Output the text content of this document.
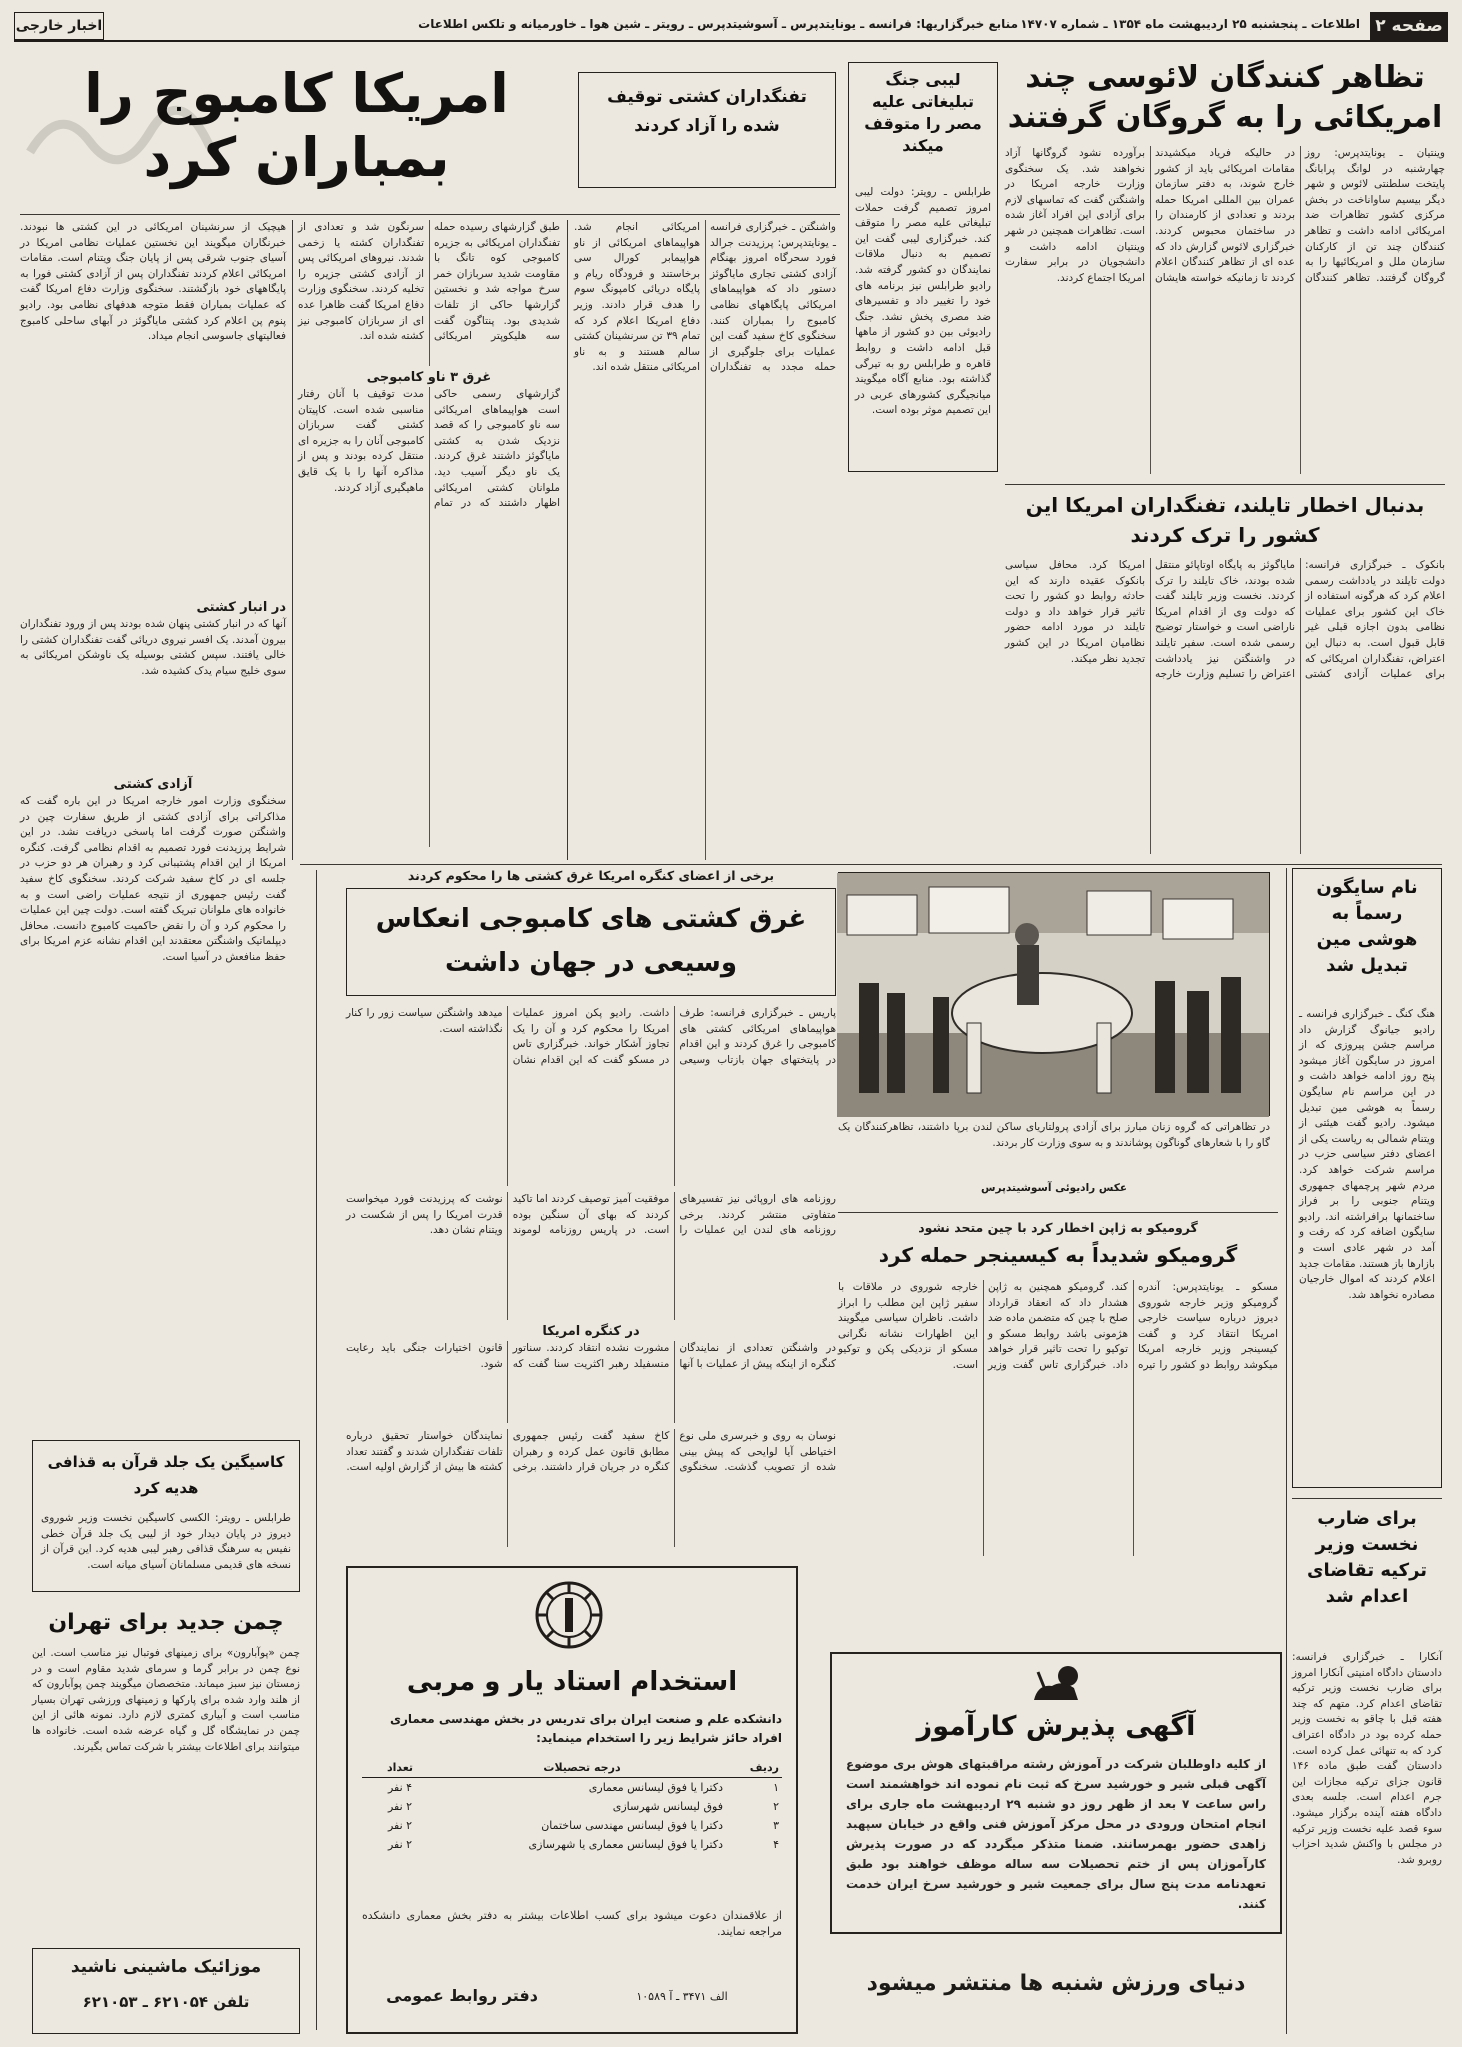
صفحه ۲
اطلاعات ـ پنجشنبه ۲۵ اردیبهشت ماه ۱۳۵۴ ـ شماره ۱۴۷۰۷
منابع خبرگزاریها: فرانسه ـ یونایتدپرس ـ آسوشیتدپرس ـ رویتر ـ شین هوا ـ خاورمیانه و تلکس اطلاعات
اخبار خارجی
تظاهر کنندگان لائوسی چند امریکائی را به گروگان گرفتند
وینتیان ـ یونایتدپرس: روز چهارشنبه در لوانگ پرابانگ پایتخت سلطنتی لائوس و شهر دیگر بیسیم ساواناخت در بخش مرکزی کشور تظاهرات ضد امریکائی ادامه داشت و تظاهر کنندگان چند تن از کارکنان سازمان ملل و امریکائیها را به گروگان گرفتند. تظاهر کنندگان در حالیکه فریاد میکشیدند مقامات امریکائی باید از کشور خارج شوند، به دفتر سازمان عمران بین المللی امریکا حمله بردند و تعدادی از کارمندان را در ساختمان محبوس کردند. خبرگزاری لائوس گزارش داد که عده ای از تظاهر کنندگان اعلام کردند تا زمانیکه خواسته هایشان برآورده نشود گروگانها آزاد نخواهند شد. یک سخنگوی وزارت خارجه امریکا در واشنگتن گفت که تماسهای لازم برای آزادی این افراد آغاز شده است. تظاهرات همچنین در شهر وینتیان ادامه داشت و دانشجویان در برابر سفارت امریکا اجتماع کردند.
بدنبال اخطار تایلند، تفنگداران امریکا این کشور را ترک کردند
بانکوک ـ خبرگزاری فرانسه: دولت تایلند در یادداشت رسمی اعلام کرد که هرگونه استفاده از خاک این کشور برای عملیات نظامی بدون اجازه قبلی غیر قابل قبول است. به دنبال این اعتراض، تفنگداران امریکائی که برای عملیات آزادی کشتی ماياگوئز به پایگاه اوتاپائو منتقل شده بودند، خاک تایلند را ترک کردند. نخست وزیر تایلند گفت که دولت وی از اقدام امریکا ناراضی است و خواستار توضیح رسمی شده است. سفیر تایلند در واشنگتن نیز یادداشت اعتراض را تسلیم وزارت خارجه امریکا کرد. محافل سیاسی بانکوک عقیده دارند که این حادثه روابط دو کشور را تحت تاثیر قرار خواهد داد و دولت تایلند در مورد ادامه حضور نظامیان امریکا در این کشور تجدید نظر میکند.
لیبی جنگ تبلیغاتی علیه مصر را متوقف میکند
طرابلس ـ رویتر: دولت لیبی امروز تصمیم گرفت حملات تبلیغاتی علیه مصر را متوقف کند. خبرگزاری لیبی گفت این تصمیم به دنبال ملاقات نمایندگان دو کشور گرفته شد. رادیو طرابلس نیز برنامه های خود را تغییر داد و تفسیرهای ضد مصری پخش نشد. جنگ رادیوئی بین دو کشور از ماهها قبل ادامه داشت و روابط قاهره و طرابلس رو به تیرگی گذاشته بود. منابع آگاه میگویند میانجیگری کشورهای عربی در این تصمیم موثر بوده است.
تفنگداران کشتی توقیف شده را آزاد کردند
امریکا کامبوج را بمباران کرد
واشنگتن ـ خبرگزاری فرانسه ـ یونایتدپرس: پرزیدنت جرالد فورد سحرگاه امروز بهنگام آزادی کشتی تجاری ماياگوئز دستور داد که هواپیماهای امریکائی پایگاههای نظامی کامبوج را بمباران کنند. سخنگوی کاخ سفید گفت این عملیات برای جلوگیری از حمله مجدد به تفنگداران امریکائی انجام شد. هواپیماهای امریکائی از ناو هواپیمابر کورال سی برخاستند و فرودگاه ریام و پایگاه دریائی کامپونگ سوم را هدف قرار دادند. وزیر دفاع امریکا اعلام کرد که تمام ۳۹ تن سرنشینان کشتی سالم هستند و به ناو امریکائی منتقل شده اند.
طبق گزارشهای رسیده حمله تفنگداران امریکائی به جزیره کامبوجی کوه تانگ با مقاومت شدید سربازان خمر سرخ مواجه شد و نخستین گزارشها حاکی از تلفات شدیدی بود. پنتاگون گفت سه هلیکوپتر امریکائی سرنگون شد و تعدادی از تفنگداران کشته یا زخمی شدند. نیروهای امریکائی پس از آزادی کشتی جزیره را تخلیه کردند. سخنگوی وزارت دفاع امریکا گفت ظاهرا عده ای از سربازان کامبوجی نیز کشته شده اند.
غرق ۳ ناو کامبوجی
گزارشهای رسمی حاکی است هواپیماهای امریکائی سه ناو کامبوجی را که قصد نزدیک شدن به کشتی ماياگوئز داشتند غرق کردند. یک ناو دیگر آسیب دید. ملوانان کشتی امریکائی اظهار داشتند که در تمام مدت توقیف با آنان رفتار مناسبی شده است. کاپیتان کشتی گفت سربازان کامبوجی آنان را به جزیره ای منتقل کرده بودند و پس از مذاکره آنها را با یک قایق ماهیگیری آزاد کردند.
هیچیک از سرنشینان امریکائی در این کشتی ها نبودند. خبرنگاران میگویند این نخستین عملیات نظامی امریکا در آسیای جنوب شرقی پس از پایان جنگ ویتنام است. مقامات امریکائی اعلام کردند تفنگداران پس از آزادی کشتی فورا به پایگاههای خود بازگشتند. سخنگوی وزارت دفاع امریکا گفت که عملیات بمباران فقط متوجه هدفهای نظامی بود. رادیو پنوم پن اعلام کرد کشتی ماياگوئز در آبهای ساحلی کامبوج فعالیتهای جاسوسی انجام میداد.
در انبار کشتی
آنها که در انبار کشتی پنهان شده بودند پس از ورود تفنگداران بیرون آمدند. یک افسر نیروی دریائی گفت تفنگداران کشتی را خالی یافتند. سپس کشتی بوسیله یک ناوشکن امریکائی به سوی خلیج سیام یدک کشیده شد.
آزادی کشتی
سخنگوی وزارت امور خارجه امریکا در این باره گفت که مذاکراتی برای آزادی کشتی از طریق سفارت چین در واشنگتن صورت گرفت اما پاسخی دریافت نشد. در این شرایط پرزیدنت فورد تصمیم به اقدام نظامی گرفت. کنگره امریکا از این اقدام پشتیبانی کرد و رهبران هر دو حزب در جلسه ای در کاخ سفید شرکت کردند. سخنگوی کاخ سفید گفت رئیس جمهوری از نتیجه عملیات راضی است و به خانواده های ملوانان تبریک گفته است. دولت چین این عملیات را محکوم کرد و آن را نقض حاکمیت کامبوج دانست. محافل دیپلماتیک واشنگتن معتقدند این اقدام نشانه عزم امریکا برای حفظ منافعش در آسیا است.
برخی از اعضای کنگره امریکا غرق کشتی ها را محکوم کردند
غرق کشتی های کامبوجی انعکاس وسیعی در جهان داشت
پاریس ـ خبرگزاری فرانسه: طرف هواپیماهای امریکائی کشتی های کامبوجی را غرق کردند و این اقدام در پایتختهای جهان بازتاب وسیعی داشت. رادیو پکن امروز عملیات امریکا را محکوم کرد و آن را یک تجاوز آشکار خواند. خبرگزاری تاس در مسکو گفت که این اقدام نشان میدهد واشنگتن سیاست زور را کنار نگذاشته است.
روزنامه های اروپائی نیز تفسیرهای متفاوتی منتشر کردند. برخی روزنامه های لندن این عملیات را موفقیت آمیز توصیف کردند اما تاکید کردند که بهای آن سنگین بوده است. در پاریس روزنامه لوموند نوشت که پرزیدنت فورد میخواست قدرت امریکا را پس از شکست در ویتنام نشان دهد.
در کنگره امریکا
در واشنگتن تعدادی از نمایندگان کنگره از اینکه پیش از عملیات با آنها مشورت نشده انتقاد کردند. سناتور منسفیلد رهبر اکثریت سنا گفت که قانون اختیارات جنگی باید رعایت شود.
نوسان به روی و خبرسری ملی نوع اختیاطی آیا لوایحی که پیش بینی شده از تصویب گذشت. سخنگوی کاخ سفید گفت رئیس جمهوری مطابق قانون عمل کرده و رهبران کنگره در جریان قرار داشتند. برخی نمایندگان خواستار تحقیق درباره تلفات تفنگداران شدند و گفتند تعداد کشته ها بیش از گزارش اولیه است.
در تظاهراتی که گروه زنان مبارز برای آزادی پرولتاریای ساکن لندن برپا داشتند، تظاهرکنندگان یک گاو را با شعارهای گوناگون پوشاندند و به سوی وزارت کار بردند.
عکس رادیوئی آسوشیتدپرس
نام سایگون رسماً به هوشی مین تبدیل شد
هنگ کنگ ـ خبرگزاری فرانسه ـ رادیو جیانوگ گزارش داد مراسم جشن پیروزی که از امروز در سایگون آغاز میشود پنج روز ادامه خواهد داشت و در این مراسم نام سایگون رسماً به هوشی مین تبدیل میشود. رادیو گفت هیئتی از ویتنام شمالی به ریاست یکی از اعضای دفتر سیاسی حزب در مراسم شرکت خواهد کرد. مردم شهر پرچمهای جمهوری ویتنام جنوبی را بر فراز ساختمانها برافراشته اند. رادیو سایگون اضافه کرد که رفت و آمد در شهر عادی است و بازارها باز هستند. مقامات جدید اعلام کردند که اموال خارجیان مصادره نخواهد شد.
گرومیکو به ژاپن اخطار کرد با چین متحد نشود
گرومیکو شدیداً به کیسینجر حمله کرد
مسکو ـ یونایتدپرس: آندره گرومیکو وزیر خارجه شوروی دیروز درباره سیاست خارجی امریکا انتقاد کرد و گفت کیسینجر وزیر خارجه امریکا میکوشد روابط دو کشور را تیره کند. گرومیکو همچنین به ژاپن هشدار داد که انعقاد قرارداد صلح با چین که متضمن ماده ضد هژمونی باشد روابط مسکو و توکیو را تحت تاثیر قرار خواهد داد. خبرگزاری تاس گفت وزیر خارجه شوروی در ملاقات با سفیر ژاپن این مطلب را ابراز داشت. ناظران سیاسی میگویند این اظهارات نشانه نگرانی مسکو از نزدیکی پکن و توکیو است.
برای ضارب نخست وزیر ترکیه تقاضای اعدام شد
آنکارا ـ خبرگزاری فرانسه: دادستان دادگاه امنیتی آنکارا امروز برای ضارب نخست وزیر ترکیه تقاضای اعدام کرد. متهم که چند هفته قبل با چاقو به نخست وزیر حمله کرده بود در دادگاه اعتراف کرد که به تنهائی عمل کرده است. دادستان گفت طبق ماده ۱۴۶ قانون جزای ترکیه مجازات این جرم اعدام است. جلسه بعدی دادگاه هفته آینده برگزار میشود. سوء قصد علیه نخست وزیر ترکیه در مجلس با واکنش شدید احزاب روبرو شد.
کاسیگین یک جلد قرآن به قذافی هدیه کرد
طرابلس ـ رویتر: الکسی کاسیگین نخست وزیر شوروی دیروز در پایان دیدار خود از لیبی یک جلد قرآن خطی نفیس به سرهنگ قذافی رهبر لیبی هدیه کرد. این قرآن از نسخه های قدیمی مسلمانان آسیای میانه است.
چمن جدید برای تهران
چمن «پوآبارون» برای زمینهای فوتبال نیز مناسب است. این نوع چمن در برابر گرما و سرمای شدید مقاوم است و در زمستان نیز سبز میماند. متخصصان میگویند چمن پوآبارون که از هلند وارد شده برای پارکها و زمینهای ورزشی تهران بسیار مناسب است و آبیاری کمتری لازم دارد. نمونه هائی از این چمن در نمایشگاه گل و گیاه عرضه شده است. خانواده ها میتوانند برای اطلاعات بیشتر با شرکت تماس بگیرند.
موزائیک ماشینی ناشید
تلفن ۶۲۱۰۵۴ ـ ۶۲۱۰۵۳
استخدام استاد یار و مربی
دانشکده علم و صنعت ایران برای تدریس در بخش مهندسی معماری افراد حائز شرایط زیر را استخدام مینماید:
ردیف	درجه تحصیلات	تعداد
۱	دکترا یا فوق لیسانس معماری	۴ نفر
۲	فوق لیسانس شهرسازی	۲ نفر
۳	دکترا یا فوق لیسانس مهندسی ساختمان	۲ نفر
۴	دکترا یا فوق لیسانس معماری یا شهرسازی	۲ نفر
از علاقمندان دعوت میشود برای کسب اطلاعات بیشتر به دفتر بخش معماری دانشکده مراجعه نمایند.
دفتر روابط عمومی	الف ۳۴۷۱ ـ آ ۱۰۵۸۹
آگهی پذیرش کارآموز
از کلیه داوطلبان شرکت در آموزش رشته مراقبتهای هوش بری موضوع آگهی قبلی شیر و خورشید سرخ که ثبت نام نموده اند خواهشمند است راس ساعت ۷ بعد از ظهر روز دو شنبه ۲۹ اردیبهشت ماه جاری برای انجام امتحان ورودی در محل مرکز آموزش فنی واقع در خیابان سپهبد زاهدی حضور بهمرسانند. ضمنا متذکر میگردد که در صورت پذیرش کارآموزان پس از ختم تحصیلات سه ساله موظف خواهند بود طبق تعهدنامه مدت پنج سال برای جمعیت شیر و خورشید سرخ ایران خدمت کنند.
دنیای ورزش شنبه ها منتشر میشود
